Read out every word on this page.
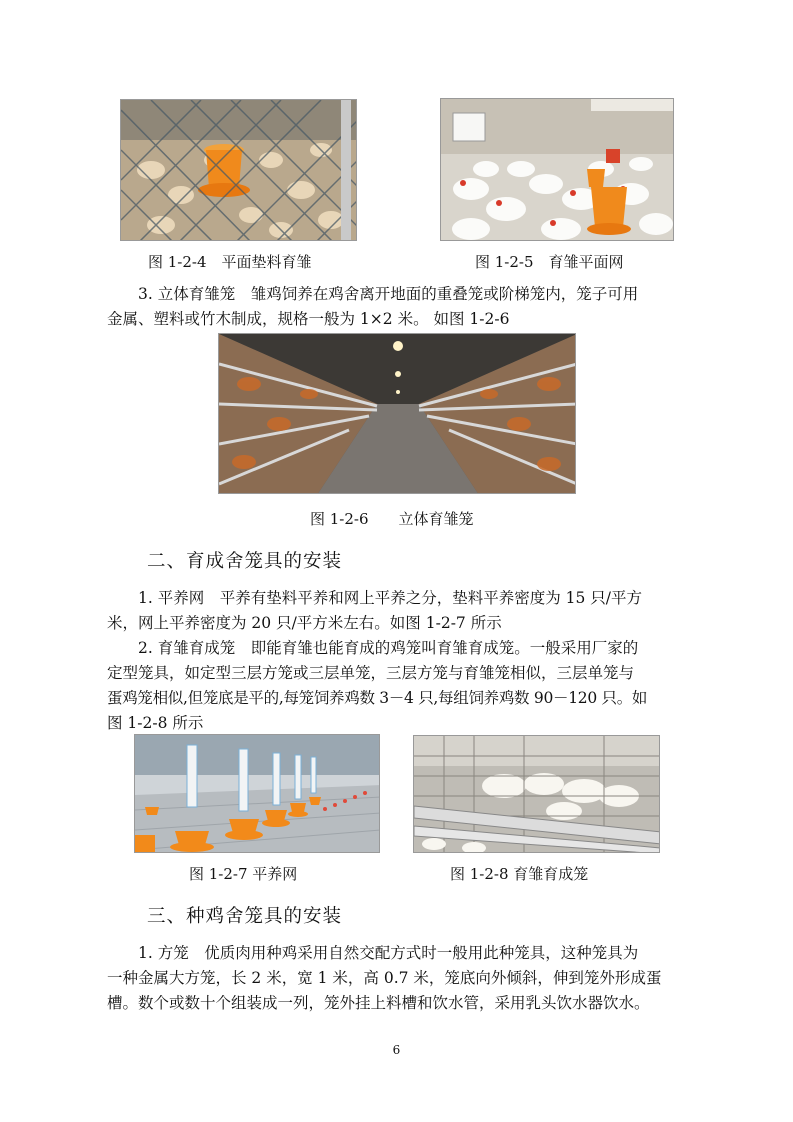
图 1-2-4　平面垫料育雏	图 1-2-5　育雏平面网
3. 立体育雏笼　雏鸡饲养在鸡舍离开地面的重叠笼或阶梯笼内，笼子可用
金属、塑料或竹木制成，规格一般为 1×2 米。 如图 1-2-6
图 1-2-6　　立体育雏笼
二、育成舍笼具的安装
1. 平养网　平养有垫料平养和网上平养之分，垫料平养密度为 15 只/平方
米，网上平养密度为 20 只/平方米左右。如图 1-2-7 所示
2. 育雏育成笼　即能育雏也能育成的鸡笼叫育雏育成笼。一般采用厂家的
定型笼具，如定型三层方笼或三层单笼，三层方笼与育雏笼相似，三层单笼与
蛋鸡笼相似,但笼底是平的,每笼饲养鸡数 3－4 只,每组饲养鸡数 90－120 只。如
图 1-2-8 所示
图 1-2-7 平养网	图 1-2-8 育雏育成笼
三、种鸡舍笼具的安装
1. 方笼　优质肉用种鸡采用自然交配方式时一般用此种笼具，这种笼具为
一种金属大方笼，长 2 米，宽 1 米，高 0.7 米，笼底向外倾斜，伸到笼外形成蛋
槽。数个或数十个组装成一列，笼外挂上料槽和饮水管，采用乳头饮水器饮水。
6
